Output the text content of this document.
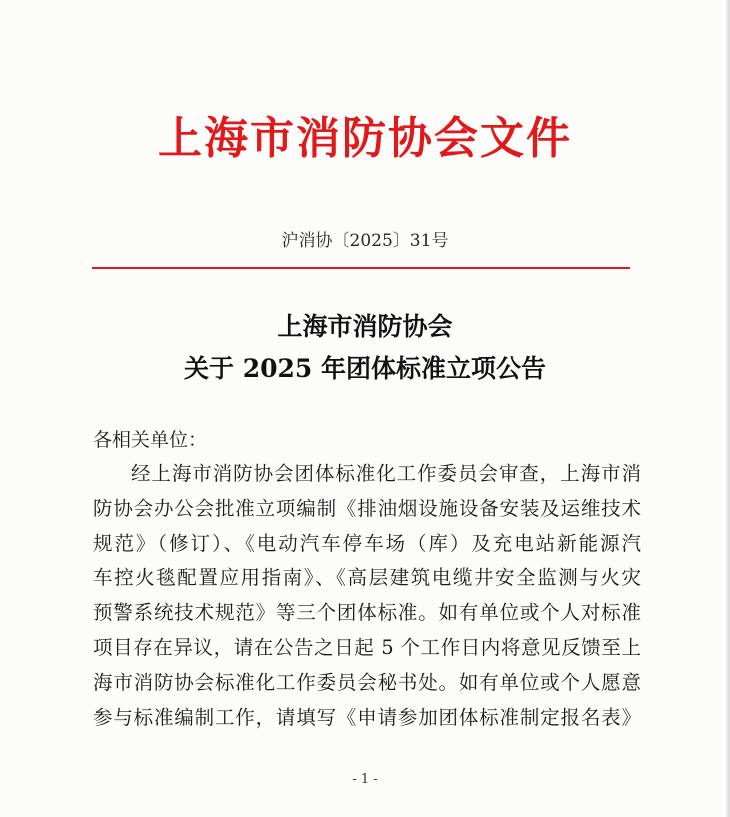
上海市消防协会文件
沪消协〔2025〕31号
上海市消防协会
关于 2025 年团体标准立项公告
各相关单位：
经上海市消防协会团体标准化工作委员会审查，上海市消
防协会办公会批准立项编制《排油烟设施设备安装及运维技术
规范》（修订）、《电动汽车停车场（库）及充电站新能源汽
车控火毯配置应用指南》、《高层建筑电缆井安全监测与火灾
预警系统技术规范》等三个团体标准。如有单位或个人对标准
项目存在异议，请在公告之日起 5 个工作日内将意见反馈至上
海市消防协会标准化工作委员会秘书处。如有单位或个人愿意
参与标准编制工作，请填写《申请参加团体标准制定报名表》
- 1 -
